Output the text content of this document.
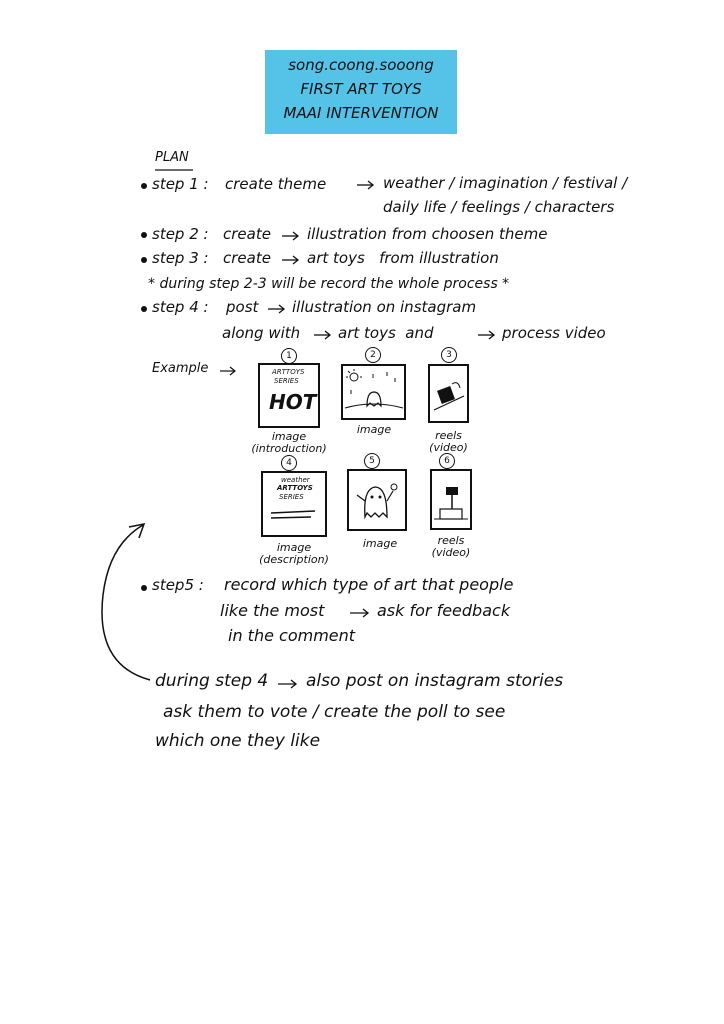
song.coong.sooong
FIRST ART TOYS
MAAI INTERVENTION
PLAN
step 1 : create theme	weather / imagination / festival /
daily life / feelings / characters
step 2 : create illustration from choosen theme
step 3 : create art toys   from illustration
* during step 2-3 will be record the whole process *
step 4 : post illustration on instagram
along with	art toys  and	process video
Example
1
ARTTOYS
SERIES
HOT
image
(introduction)
2
image
3
reels
(video)
4
weather
ARTTOYS
SERIES
image
(description)
5
image
6
reels
(video)
step5 : record which type of art that people
like the most	ask for feedback
in the comment
during step 4 also post on instagram stories
ask them to vote / create the poll to see
which one they like
